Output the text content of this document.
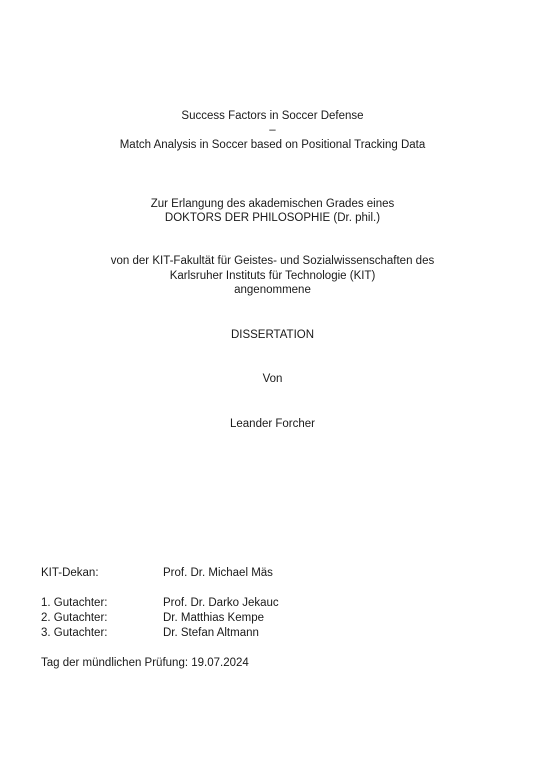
Success Factors in Soccer Defense
–
Match Analysis in Soccer based on Positional Tracking Data
Zur Erlangung des akademischen Grades eines
DOKTORS DER PHILOSOPHIE (Dr. phil.)
von der KIT-Fakultät für Geistes- und Sozialwissenschaften des
Karlsruher Instituts für Technologie (KIT)
angenommene
DISSERTATION
Von
Leander Forcher
KIT-Dekan:	Prof. Dr. Michael Mäs
1. Gutachter:	Prof. Dr. Darko Jekauc
2. Gutachter:	Dr. Matthias Kempe
3. Gutachter:	Dr. Stefan Altmann
Tag der mündlichen Prüfung: 19.07.2024
